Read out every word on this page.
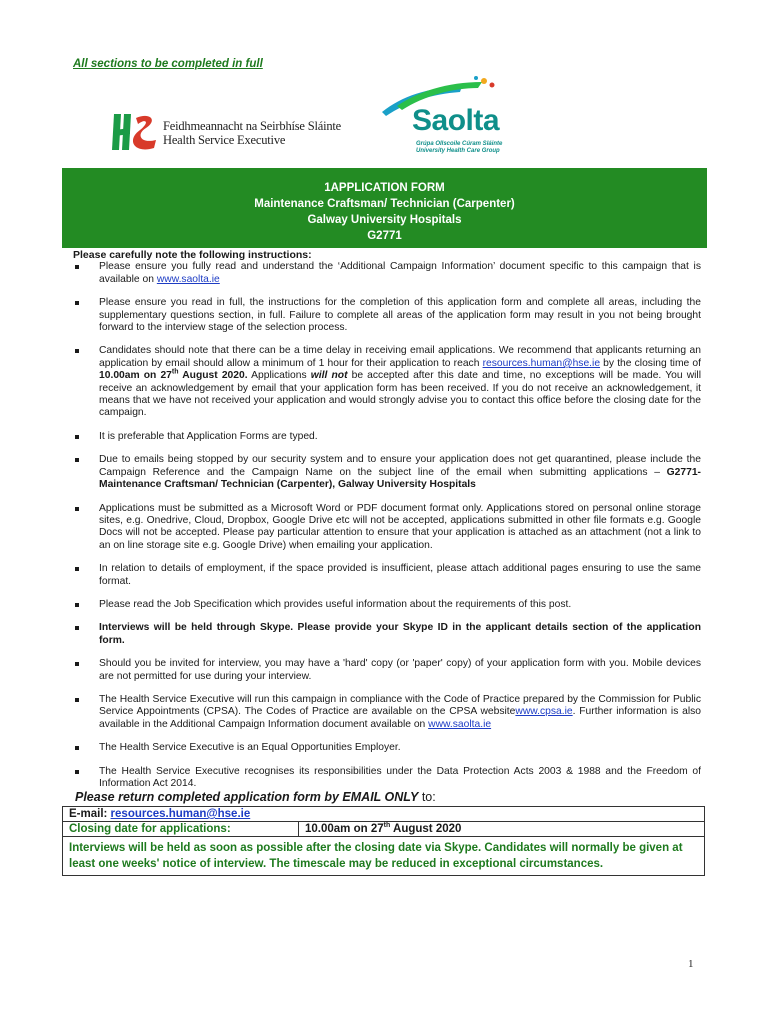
All sections to be completed in full
Feidhmeannacht na Seirbhíse Sláinte
Health Service Executive
Saolta
Grúpa Ollscoile Cúram Sláinte
University Health Care Group
1APPLICATION FORM
Maintenance Craftsman/ Technician (Carpenter)
Galway University Hospitals
G2771
Please carefully note the following instructions:
Please ensure you fully read and understand the ‘Additional Campaign Information’ document specific to this campaign that is available on www.saolta.ie
Please ensure you read in full, the instructions for the completion of this application form and complete all areas, including the supplementary questions section, in full. Failure to complete all areas of the application form may result in you not being brought forward to the interview stage of the selection process.
Candidates should note that there can be a time delay in receiving email applications. We recommend that applicants returning an application by email should allow a minimum of 1 hour for their application to reach resources.human@hse.ie by the closing time of 10.00am on 27th August 2020. Applications will not be accepted after this date and time, no exceptions will be made. You will receive an acknowledgement by email that your application form has been received. If you do not receive an acknowledgement, it means that we have not received your application and would strongly advise you to contact this office before the closing date for the campaign.
It is preferable that Application Forms are typed.
Due to emails being stopped by our security system and to ensure your application does not get quarantined, please include the Campaign Reference and the Campaign Name on the subject line of the email when submitting applications – G2771- Maintenance Craftsman/ Technician (Carpenter), Galway University Hospitals
Applications must be submitted as a Microsoft Word or PDF document format only. Applications stored on personal online storage sites, e.g. Onedrive, Cloud, Dropbox, Google Drive etc will not be accepted, applications submitted in other file formats e.g. Google Docs will not be accepted. Please pay particular attention to ensure that your application is attached as an attachment (not a link to an on line storage site e.g. Google Drive) when emailing your application.
In relation to details of employment, if the space provided is insufficient, please attach additional pages ensuring to use the same format.
Please read the Job Specification which provides useful information about the requirements of this post.
Interviews will be held through Skype. Please provide your Skype ID in the applicant details section of the application form.
Should you be invited for interview, you may have a 'hard' copy (or 'paper' copy) of your application form with you. Mobile devices are not permitted for use during your interview.
The Health Service Executive will run this campaign in compliance with the Code of Practice prepared by the Commission for Public Service Appointments (CPSA). The Codes of Practice are available on the CPSA websitewww.cpsa.ie. Further information is also available in the Additional Campaign Information document available on www.saolta.ie
The Health Service Executive is an Equal Opportunities Employer.
The Health Service Executive recognises its responsibilities under the Data Protection Acts 2003 & 1988 and the Freedom of Information Act 2014.
Please return completed application form by EMAIL ONLY to:
E-mail: resources.human@hse.ie
Closing date for applications:	10.00am on 27th August 2020
Interviews will be held as soon as possible after the closing date via Skype. Candidates will normally be given at least one weeks' notice of interview. The timescale may be reduced in exceptional circumstances.
1
